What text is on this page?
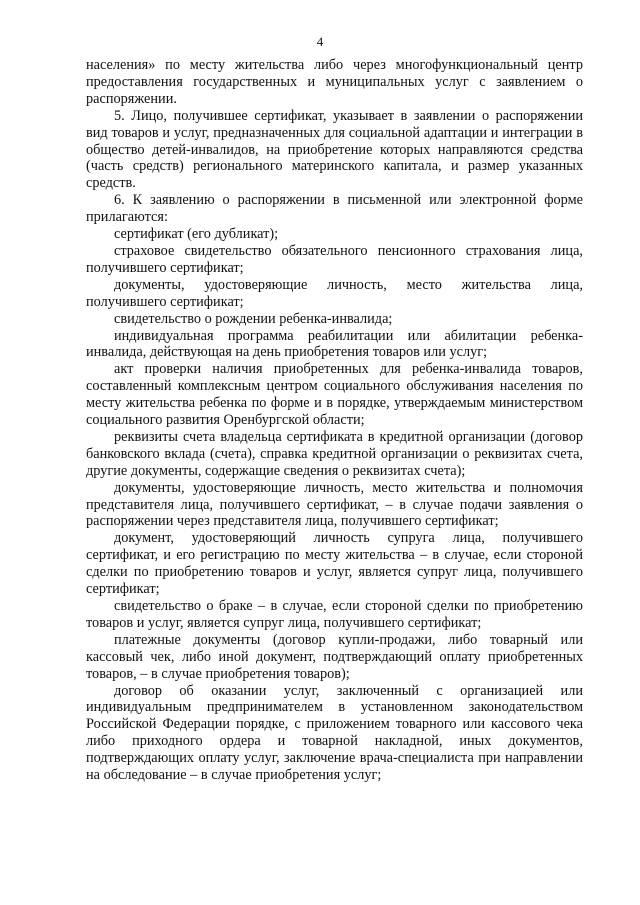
4

населения» по месту жительства либо через многофункциональный центр предоставления государственных и муниципальных услуг с заявлением о распоряжении.

5. Лицо, получившее сертификат, указывает в заявлении о распоряжении вид товаров и услуг, предназначенных для социальной адаптации и интеграции в общество детей-инвалидов, на приобретение которых направляются средства (часть средств) регионального материнского капитала, и размер указанных средств.

6. К заявлению о распоряжении в письменной или электронной форме прилагаются:

сертификат (его дубликат);

страховое свидетельство обязательного пенсионного страхования лица, получившего сертификат;

документы, удостоверяющие личность, место жительства лица, получившего сертификат;

свидетельство о рождении ребенка-инвалида;

индивидуальная программа реабилитации или абилитации ребенка-инвалида, действующая на день приобретения товаров или услуг;

акт проверки наличия приобретенных для ребенка-инвалида товаров, составленный комплексным центром социального обслуживания населения по месту жительства ребенка по форме и в порядке, утверждаемым министерством социального развития Оренбургской области;

реквизиты счета владельца сертификата в кредитной организации (договор банковского вклада (счета), справка кредитной организации о реквизитах счета, другие документы, содержащие сведения о реквизитах счета);

документы, удостоверяющие личность, место жительства и полномочия представителя лица, получившего сертификат, – в случае подачи заявления о распоряжении через представителя лица, получившего сертификат;

документ, удостоверяющий личность супруга лица, получившего сертификат, и его регистрацию по месту жительства – в случае, если стороной сделки по приобретению товаров и услуг, является супруг лица, получившего сертификат;

свидетельство о браке – в случае, если стороной сделки по приобретению товаров и услуг, является супруг лица, получившего сертификат;

платежные документы (договор купли-продажи, либо товарный или кассовый чек, либо иной документ, подтверждающий оплату приобретенных товаров, – в случае приобретения товаров);

договор об оказании услуг, заключенный с организацией или индивидуальным предпринимателем в установленном законодательством Российской Федерации порядке, с приложением товарного или кассового чека либо приходного ордера и товарной накладной, иных документов, подтверждающих оплату услуг, заключение врача-специалиста при направлении на обследование – в случае приобретения услуг;
